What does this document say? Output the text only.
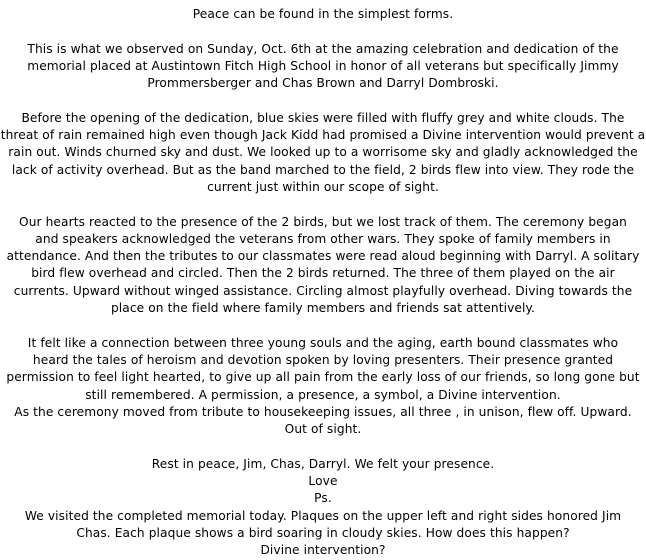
Peace can be found in the simplest forms.
This is what we observed on Sunday, Oct. 6th at the amazing celebration and dedication of the
memorial placed at Austintown Fitch High School in honor of all veterans but specifically Jimmy
Prommersberger and Chas Brown and Darryl Dombroski.
Before the opening of the dedication, blue skies were filled with fluffy grey and white clouds. The
threat of rain remained high even though Jack Kidd had promised a Divine intervention would prevent a
rain out. Winds churned sky and dust. We looked up to a worrisome sky and gladly acknowledged the
lack of activity overhead. But as the band marched to the field, 2 birds flew into view. They rode the
current just within our scope of sight.
Our hearts reacted to the presence of the 2 birds, but we lost track of them. The ceremony began
and speakers acknowledged the veterans from other wars. They spoke of family members in
attendance. And then the tributes to our classmates were read aloud beginning with Darryl. A solitary
bird flew overhead and circled. Then the 2 birds returned. The three of them played on the air
currents. Upward without winged assistance. Circling almost playfully overhead. Diving towards the
place on the field where family members and friends sat attentively.
It felt like a connection between three young souls and the aging, earth bound classmates who
heard the tales of heroism and devotion spoken by loving presenters. Their presence granted
permission to feel light hearted, to give up all pain from the early loss of our friends, so long gone but
still remembered. A permission, a presence, a symbol, a Divine intervention.
As the ceremony moved from tribute to housekeeping issues, all three , in unison, flew off. Upward.
Out of sight.
Rest in peace, Jim, Chas, Darryl. We felt your presence.
Love
Ps.
We visited the completed memorial today. Plaques on the upper left and right sides honored Jim
Chas. Each plaque shows a bird soaring in cloudy skies. How does this happen?
Divine intervention?
